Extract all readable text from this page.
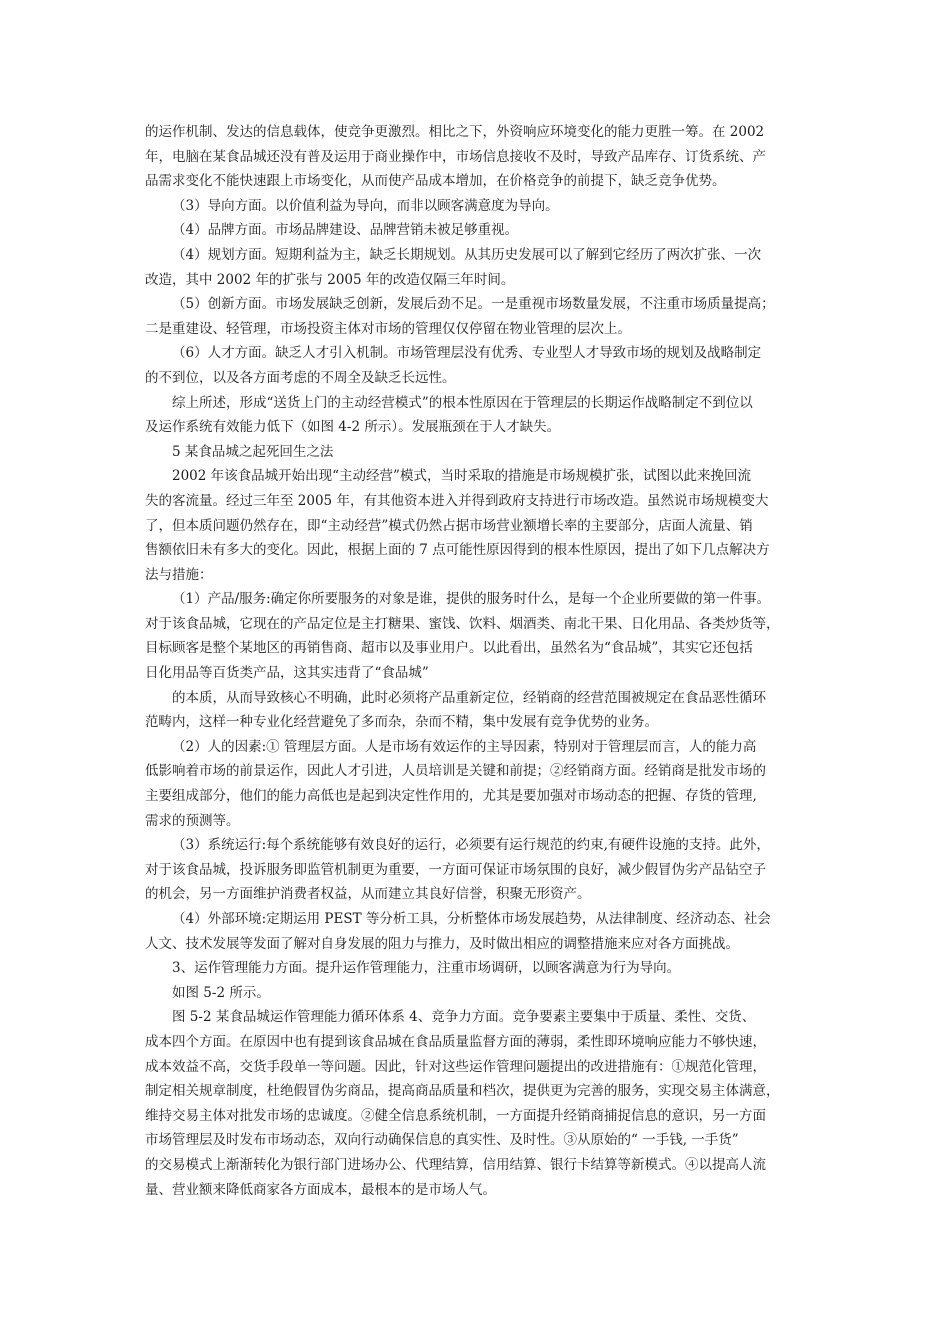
的运作机制、发达的信息载体，使竞争更激烈。相比之下，外资响应环境变化的能力更胜一筹。在 2002
年，电脑在某食品城还没有普及运用于商业操作中，市场信息接收不及时，导致产品库存、订货系统、产
品需求变化不能快速跟上市场变化，从而使产品成本增加，在价格竞争的前提下，缺乏竞争优势。
（3）导向方面。以价值利益为导向，而非以顾客满意度为导向。
（4）品牌方面。市场品牌建设、品牌营销未被足够重视。
（4）规划方面。短期利益为主，缺乏长期规划。从其历史发展可以了解到它经历了两次扩张、一次
改造，其中 2002 年的扩张与 2005 年的改造仅隔三年时间。
（5）创新方面。市场发展缺乏创新，发展后劲不足。一是重视市场数量发展，不注重市场质量提高；
二是重建设、轻管理，市场投资主体对市场的管理仅仅停留在物业管理的层次上。
（6）人才方面。缺乏人才引入机制。市场管理层没有优秀、专业型人才导致市场的规划及战略制定
的不到位，以及各方面考虑的不周全及缺乏长远性。
综上所述，形成“送货上门的主动经营模式”的根本性原因在于管理层的长期运作战略制定不到位以
及运作系统有效能力低下（如图 4-2 所示）。发展瓶颈在于人才缺失。
5 某食品城之起死回生之法
2002 年该食品城开始出现“主动经营”模式，当时采取的措施是市场规模扩张，试图以此来挽回流
失的客流量。经过三年至 2005 年，有其他资本进入并得到政府支持进行市场改造。虽然说市场规模变大
了，但本质问题仍然存在，即“主动经营”模式仍然占据市场营业额增长率的主要部分，店面人流量、销
售额依旧未有多大的变化。因此，根据上面的 7 点可能性原因得到的根本性原因，提出了如下几点解决方
法与措施：
（1）产品/服务:确定你所要服务的对象是谁，提供的服务时什么，是每一个企业所要做的第一件事。
对于该食品城，它现在的产品定位是主打糖果、蜜饯、饮料、烟酒类、南北干果、日化用品、各类炒货等，
目标顾客是整个某地区的再销售商、超市以及事业用户。以此看出，虽然名为“食品城”，其实它还包括
日化用品等百货类产品，这其实违背了“食品城”
的本质，从而导致核心不明确，此时必须将产品重新定位，经销商的经营范围被规定在食品恶性循环
范畴内，这样一种专业化经营避免了多而杂，杂而不精，集中发展有竞争优势的业务。
（2）人的因素:① 管理层方面。人是市场有效运作的主导因素，特别对于管理层而言，人的能力高
低影响着市场的前景运作，因此人才引进，人员培训是关键和前提；②经销商方面。经销商是批发市场的
主要组成部分，他们的能力高低也是起到决定性作用的，尤其是要加强对市场动态的把握、存货的管理,
需求的预测等。
（3）系统运行:每个系统能够有效良好的运行，必须要有运行规范的约束,有硬件设施的支持。此外，
对于该食品城，投诉服务即监管机制更为重要，一方面可保证市场氛围的良好，减少假冒伪劣产品钻空子
的机会，另一方面维护消费者权益，从而建立其良好信誉，积聚无形资产。
（4）外部环境:定期运用 PEST 等分析工具，分析整体市场发展趋势，从法律制度、经济动态、社会
人文、技术发展等发面了解对自身发展的阻力与推力，及时做出相应的调整措施来应对各方面挑战。
3、运作管理能力方面。提升运作管理能力，注重市场调研，以顾客满意为行为导向。
如图 5-2 所示。
图 5-2 某食品城运作管理能力循环体系 4、竞争力方面。竞争要素主要集中于质量、柔性、交货、
成本四个方面。在原因中也有提到该食品城在食品质量监督方面的薄弱，柔性即环境响应能力不够快速，
成本效益不高，交货手段单一等问题。因此，针对这些运作管理问题提出的改进措施有：①规范化管理，
制定相关规章制度，杜绝假冒伪劣商品，提高商品质量和档次，提供更为完善的服务，实现交易主体满意，
维持交易主体对批发市场的忠诚度。②健全信息系统机制，一方面提升经销商捕捉信息的意识，另一方面
市场管理层及时发布市场动态，双向行动确保信息的真实性、及时性。③从原始的“ 一手钱, 一手货”
的交易模式上渐渐转化为银行部门进场办公、代理结算，信用结算、银行卡结算等新模式。④以提高人流
量、营业额来降低商家各方面成本，最根本的是市场人气。
